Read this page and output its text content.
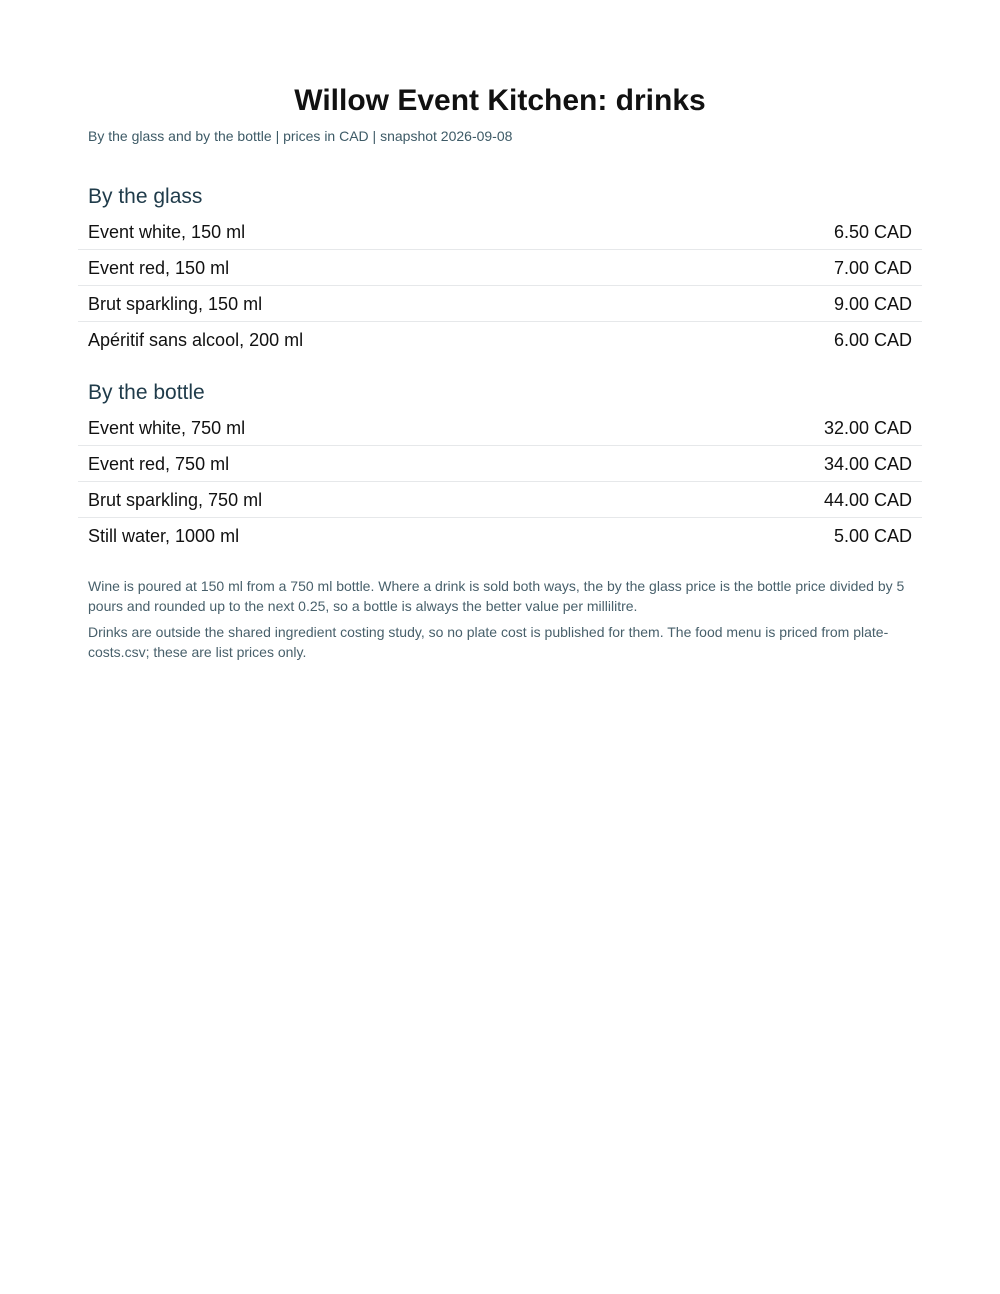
Willow Event Kitchen: drinks

By the glass and by the bottle | prices in CAD | snapshot 2026-09-08

By the glass
Event white, 150 ml	6.50 CAD
Event red, 150 ml	7.00 CAD
Brut sparkling, 150 ml	9.00 CAD
Apéritif sans alcool, 200 ml	6.00 CAD
By the bottle
Event white, 750 ml	32.00 CAD
Event red, 750 ml	34.00 CAD
Brut sparkling, 750 ml	44.00 CAD
Still water, 1000 ml	5.00 CAD

Wine is poured at 150 ml from a 750 ml bottle. Where a drink is sold both ways, the by the glass price is the bottle price divided by 5 pours and rounded up to the next 0.25, so a bottle is always the better value per millilitre.

Drinks are outside the shared ingredient costing study, so no plate cost is published for them. The food menu is priced from plate-costs.csv; these are list prices only.
